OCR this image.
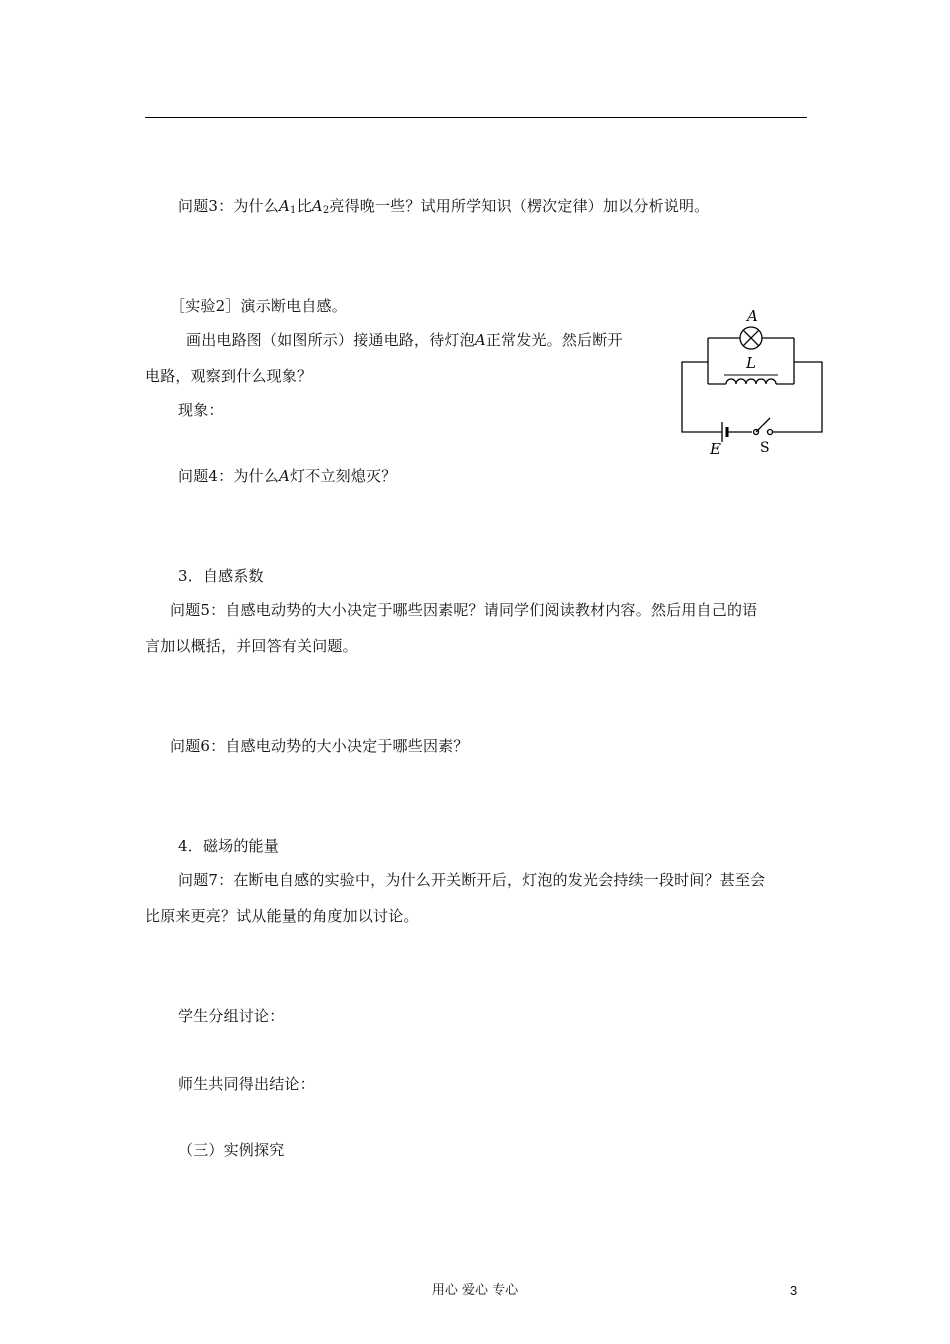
问题3：为什么$A_1$比$A_2$亮得晚一些？试用所学知识（楞次定律）加以分析说明。
［实验2］演示断电自感。
画出电路图（如图所示）接通电路，待灯泡A正常发光。然后断开
电路，观察到什么现象？
现象：
A
L
E	S
问题4：为什么A灯不立刻熄灭？
3．自感系数
问题5：自感电动势的大小决定于哪些因素呢？请同学们阅读教材内容。然后用自己的语
言加以概括，并回答有关问题。
问题6：自感电动势的大小决定于哪些因素？
4．磁场的能量
问题7：在断电自感的实验中，为什么开关断开后，灯泡的发光会持续一段时间？甚至会
比原来更亮？试从能量的角度加以讨论。
学生分组讨论：
师生共同得出结论：
（三）实例探究
用心 爱心 专心	3
